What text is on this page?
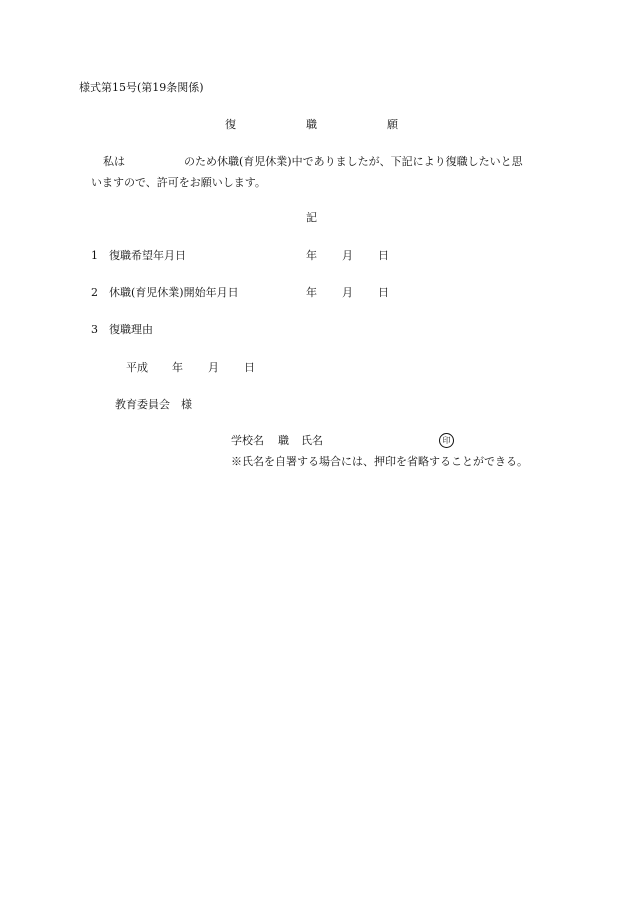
様式第15号(第19条関係)
復	職	願
私は	のため休職(育児休業)中でありましたが、下記により復職したいと思
いますので、許可をお願いします。
記
1 復職希望年月日	年 月 日
2 休職(育児休業)開始年月日	年 月 日
3 復職理由
平成 年 月 日
教育委員会　様
学校名 職 氏名	印
※氏名を自署する場合には、押印を省略することができる。
